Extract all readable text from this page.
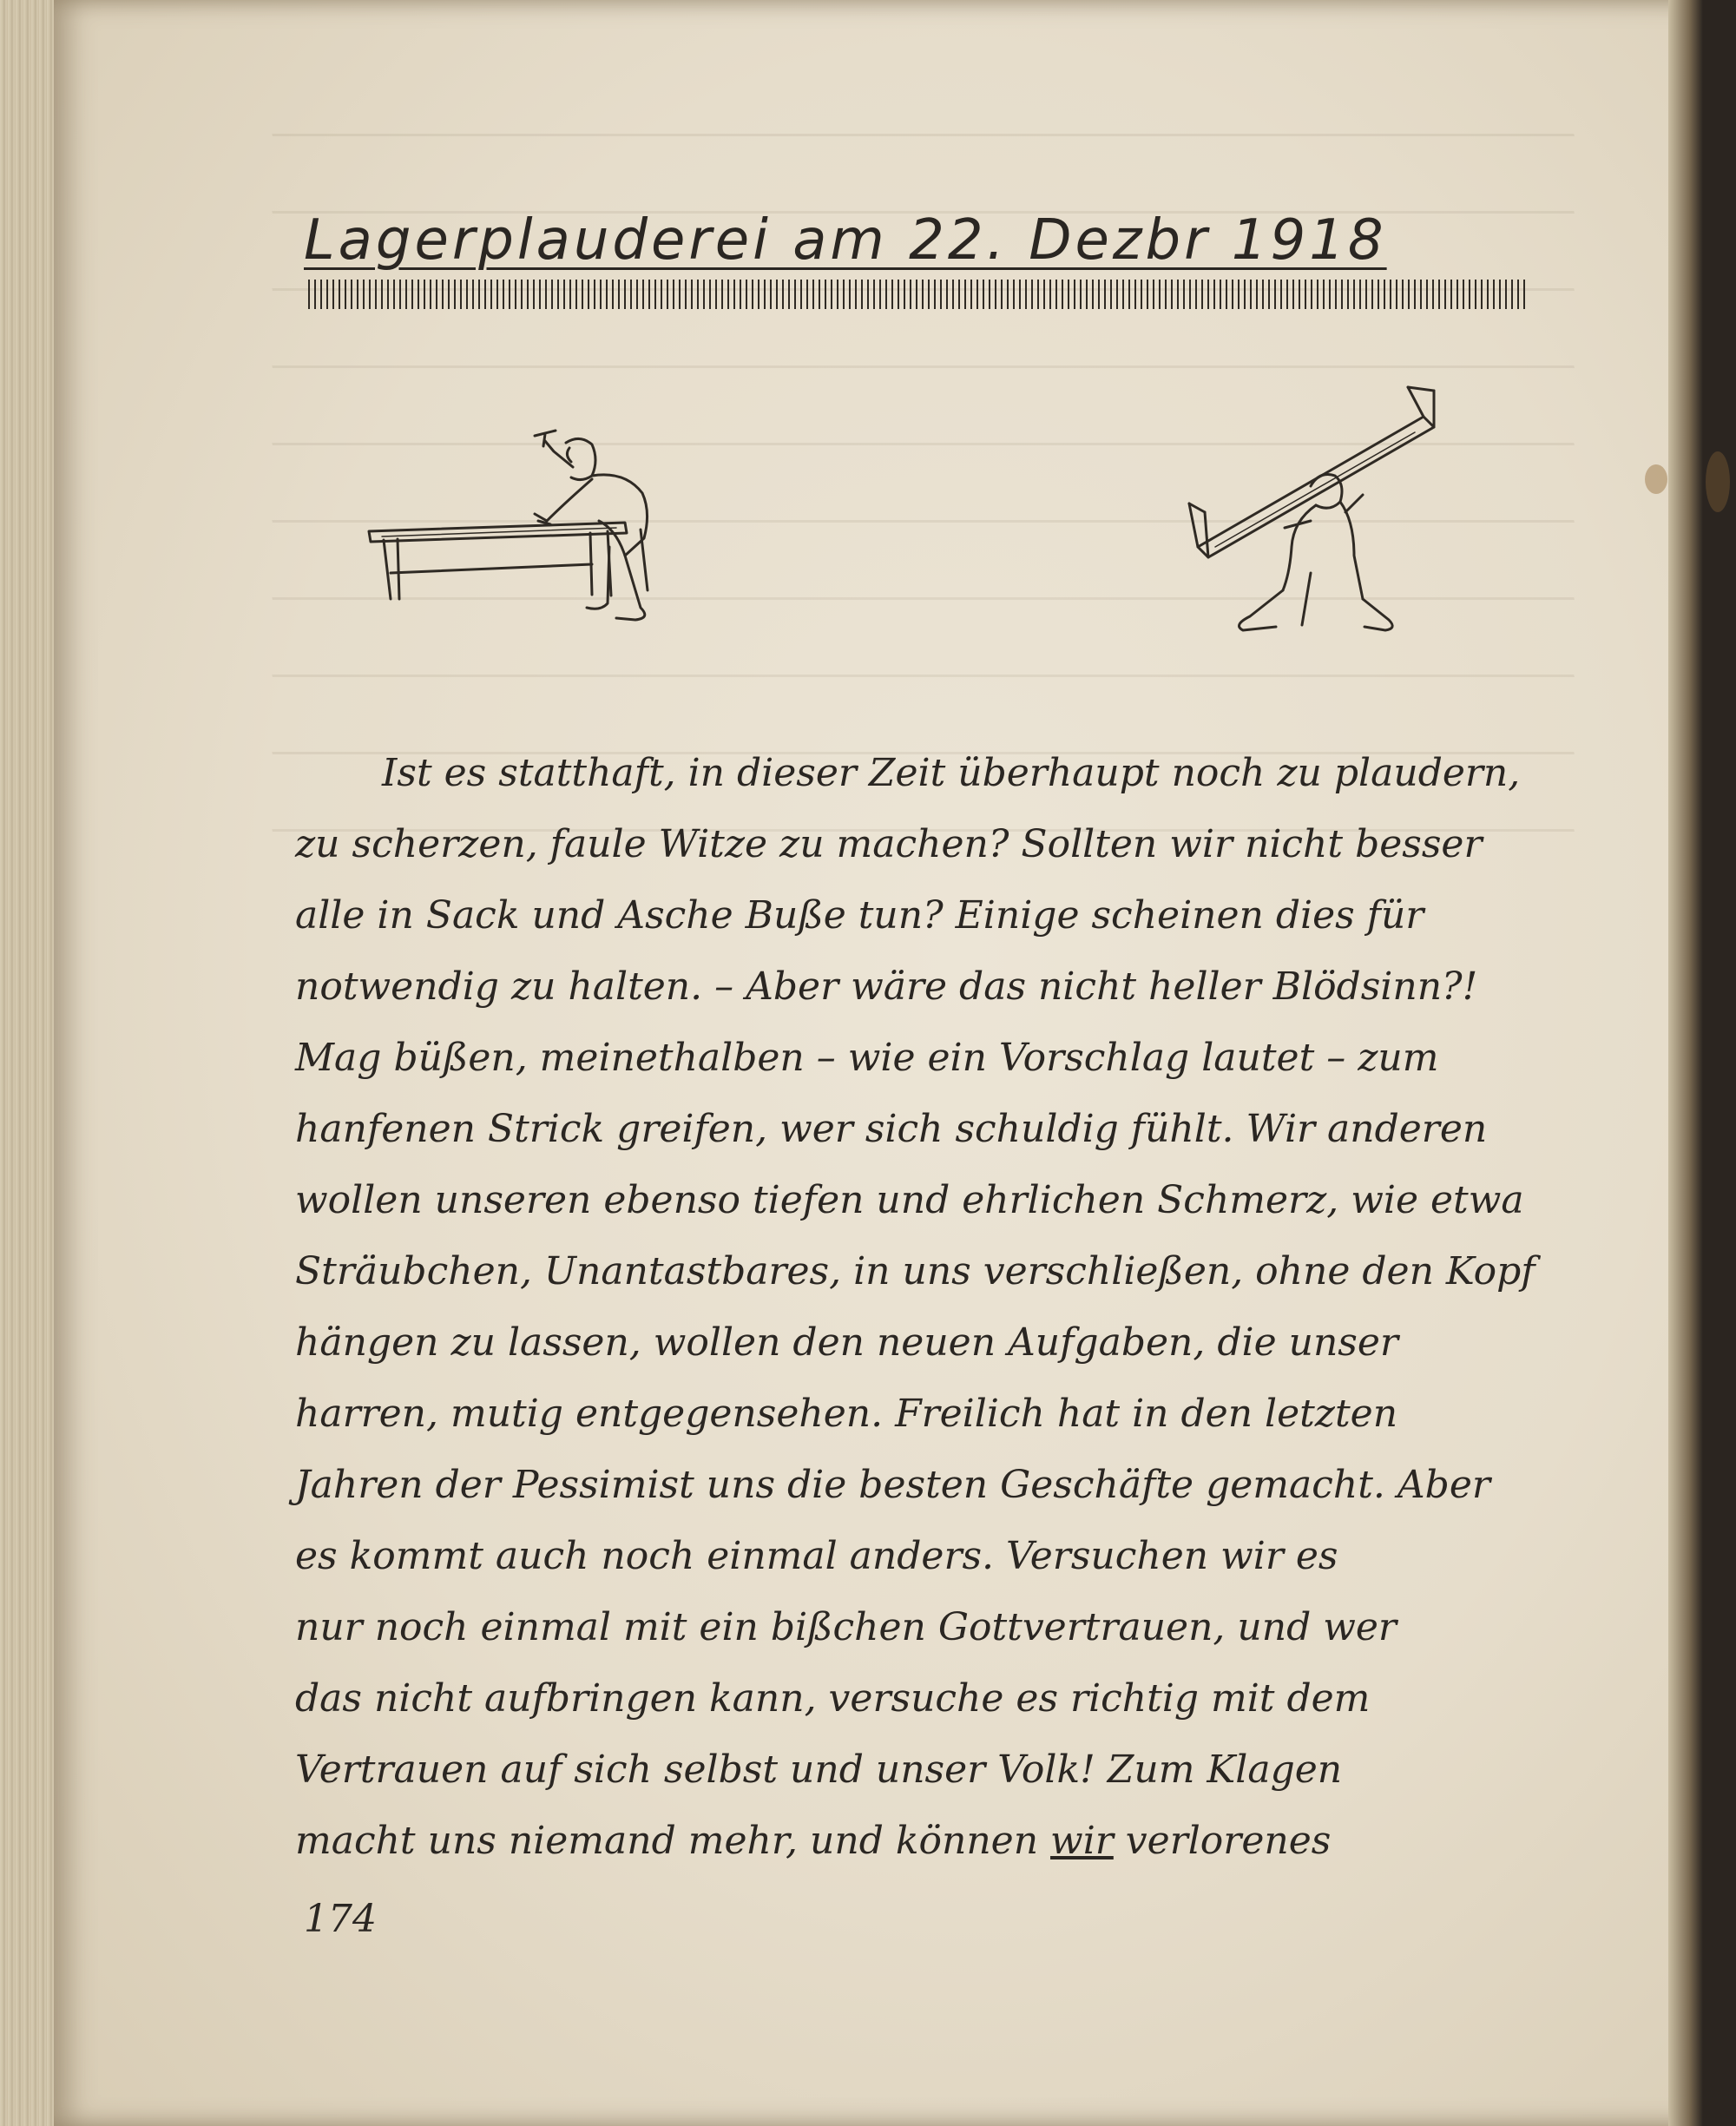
Lagerplauderei am 22. Dezbr 1918
Ist es statthaft, in dieser Zeit überhaupt noch zu plaudern,
zu scherzen, faule Witze zu machen? Sollten wir nicht besser
alle in Sack und Asche Buße tun? Einige scheinen dies für
notwendig zu halten. – Aber wäre das nicht heller Blödsinn?!
Mag büßen, meinethalben – wie ein Vorschlag lautet – zum
hanfenen Strick greifen, wer sich schuldig fühlt. Wir anderen
wollen unseren ebenso tiefen und ehrlichen Schmerz, wie etwa
Sträubchen, Unantastbares, in uns verschließen, ohne den Kopf
hängen zu lassen, wollen den neuen Aufgaben, die unser
harren, mutig entgegensehen. Freilich hat in den letzten
Jahren der Pessimist uns die besten Geschäfte gemacht. Aber
es kommt auch noch einmal anders. Versuchen wir es
nur noch einmal mit ein bißchen Gottvertrauen, und wer
das nicht aufbringen kann, versuche es richtig mit dem
Vertrauen auf sich selbst und unser Volk! Zum Klagen
macht uns niemand mehr, und können wir verlorenes
174
